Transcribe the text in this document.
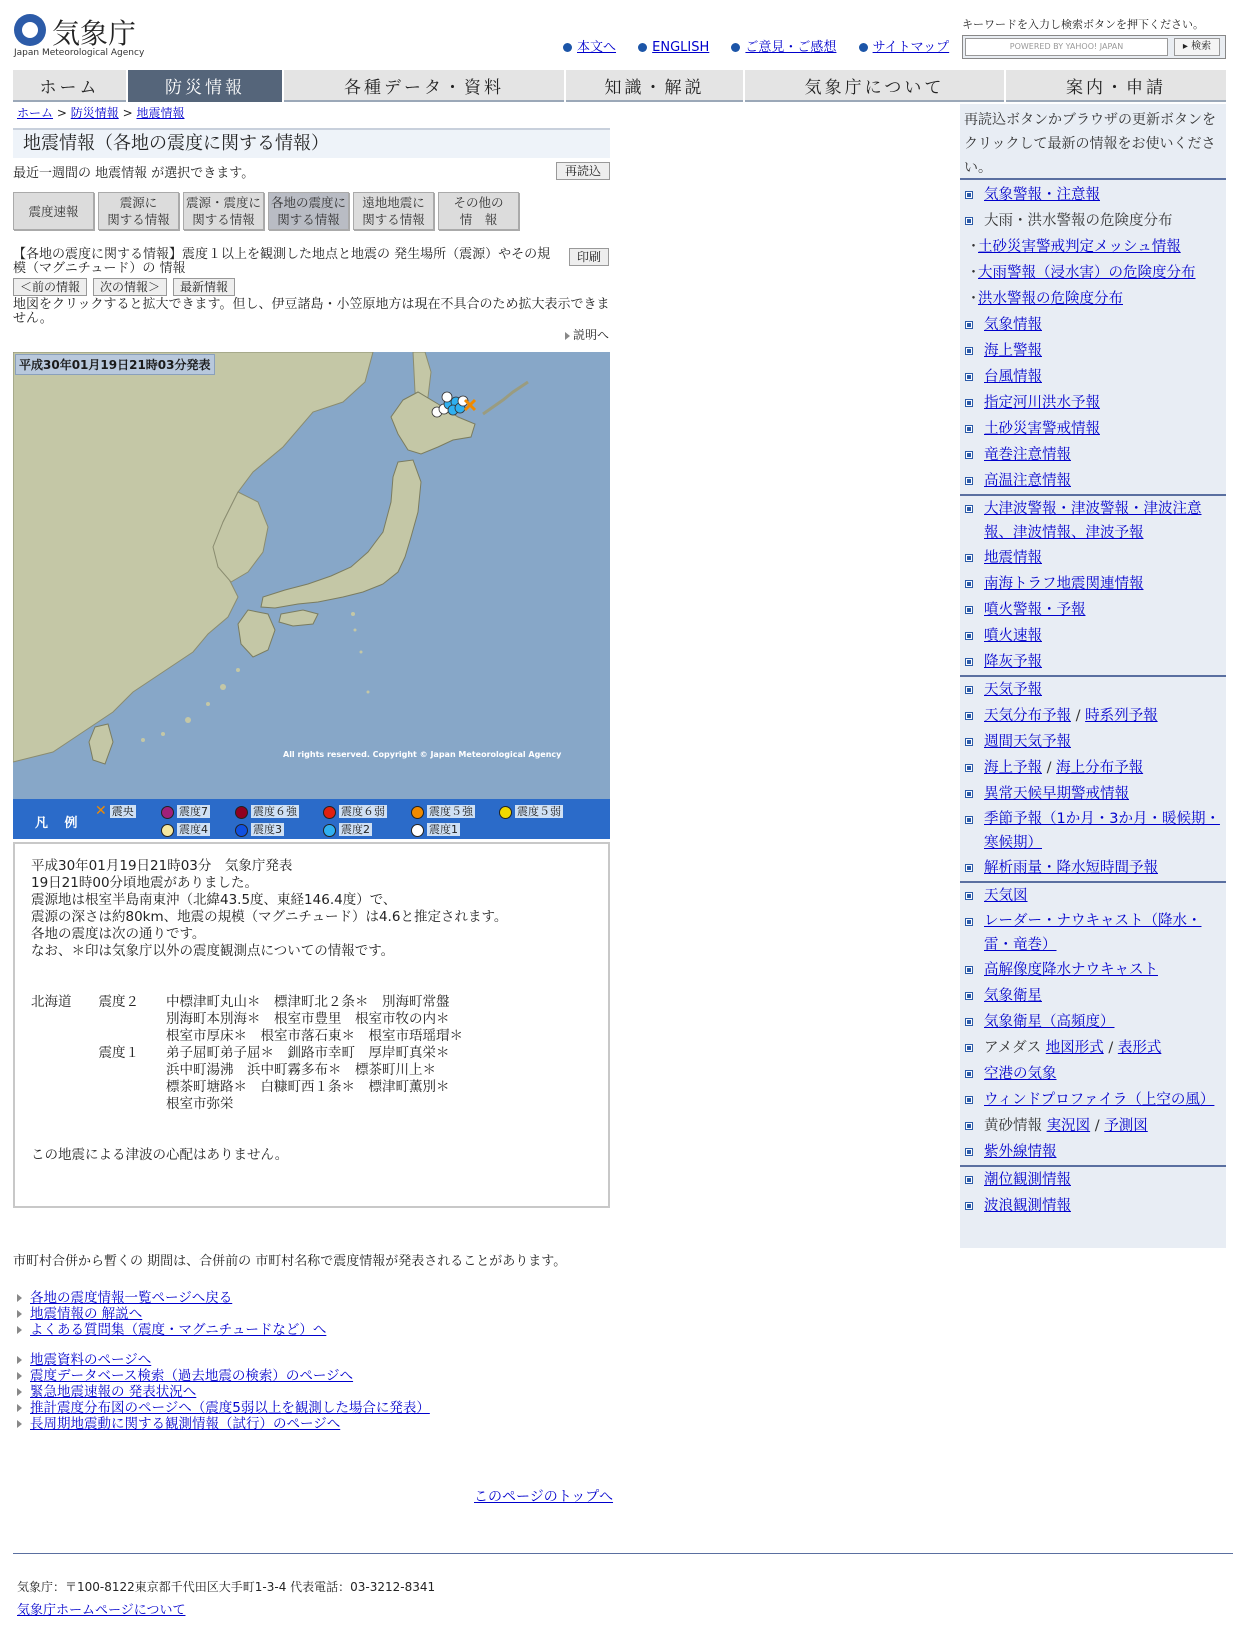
気象庁
Japan Meteorological Agency	本文へ	ENGLISH	ご意見・ご感想	サイトマップ
キーワードを入力し検索ボタンを押下ください。
POWERED BY YAHOO! JAPAN	▸ 検索
ホーム	防災情報	各種データ・資料	知識・解説	気象庁について	案内・申請
ホーム > 防災情報 > 地震情報
地震情報（各地の震度に関する情報）
最近一週間の 地震情報 が選択できます。	再読込
震度速報
震源に
関する情報
震源・震度に
関する情報
各地の震度に
関する情報
遠地地震に
関する情報
その他の
情　報
【各地の震度に関する情報】震度１以上を観測した地点と地震の 発生場所（震源）やその規模（マグニチュード）の 情報
印刷
＜前の情報	次の情報＞	最新情報
地図をクリックすると拡大できます。但し、伊豆諸島・小笠原地方は現在不具合のため拡大表示できません。
説明へ
平成30年01月19日21時03分発表
All rights reserved. Copyright © Japan Meteorological Agency
凡 例
✕ 震央	震度7	震度６強	震度６弱	震度５強	震度５弱
震度4	震度3	震度2	震度1
平成30年01月19日21時03分　気象庁発表
19日21時00分頃地震がありました。
震源地は根室半島南東沖（北緯43.5度、東経146.4度）で、
震源の深さは約80km、地震の規模（マグニチュード）は4.6と推定されます。
各地の震度は次の通りです。
なお、＊印は気象庁以外の震度観測点についての情報です。
北海道　　震度２　　中標津町丸山＊　標津町北２条＊　別海町常盤
　　　　　　　　　　別海町本別海＊　根室市豊里　根室市牧の内＊
　　　　　　　　　　根室市厚床＊　根室市落石東＊　根室市珸瑶瑁＊
　　　　　震度１　　弟子屈町弟子屈＊　釧路市幸町　厚岸町真栄＊
　　　　　　　　　　浜中町湯沸　浜中町霧多布＊　標茶町川上＊
　　　　　　　　　　標茶町塘路＊　白糠町西１条＊　標津町薫別＊
　　　　　　　　　　根室市弥栄
この地震による津波の心配はありません。
市町村合併から暫くの 期間は、合併前の 市町村名称で震度情報が発表されることがあります。
各地の震度情報一覧ページへ戻る
地震情報の 解説へ
よくある質問集（震度・マグニチュードなど）へ
地震資料のページへ
震度データベース検索（過去地震の検索）のページへ
緊急地震速報の 発表状況へ
推計震度分布図のページへ（震度5弱以上を観測した場合に発表）
長周期地震動に関する観測情報（試行）のページへ
このページのトップへ
気象庁：〒100-8122東京都千代田区大手町1-3-4 代表電話：03-3212-8341
気象庁ホームページについて
再読込ボタンかブラウザの更新ボタンをクリックして最新の情報をお使いください。
気象警報・注意報
大雨・洪水警報の危険度分布
･ 土砂災害警戒判定メッシュ情報
･ 大雨警報（浸水害）の危険度分布
･ 洪水警報の危険度分布
気象情報
海上警報
台風情報
指定河川洪水予報
土砂災害警戒情報
竜巻注意情報
高温注意情報
大津波警報・津波警報・津波注意報、津波情報、津波予報
地震情報
南海トラフ地震関連情報
噴火警報・予報
噴火速報
降灰予報
天気予報
天気分布予報 / 時系列予報
週間天気予報
海上予報 / 海上分布予報
異常天候早期警戒情報
季節予報（1か月・3か月・暖候期・寒候期）
解析雨量・降水短時間予報
天気図
レーダー・ナウキャスト（降水・雷・竜巻）
高解像度降水ナウキャスト
気象衛星
気象衛星（高頻度）
アメダス 地図形式 / 表形式
空港の気象
ウィンドプロファイラ（上空の風）
黄砂情報 実況図 / 予測図
紫外線情報
潮位観測情報
波浪観測情報
